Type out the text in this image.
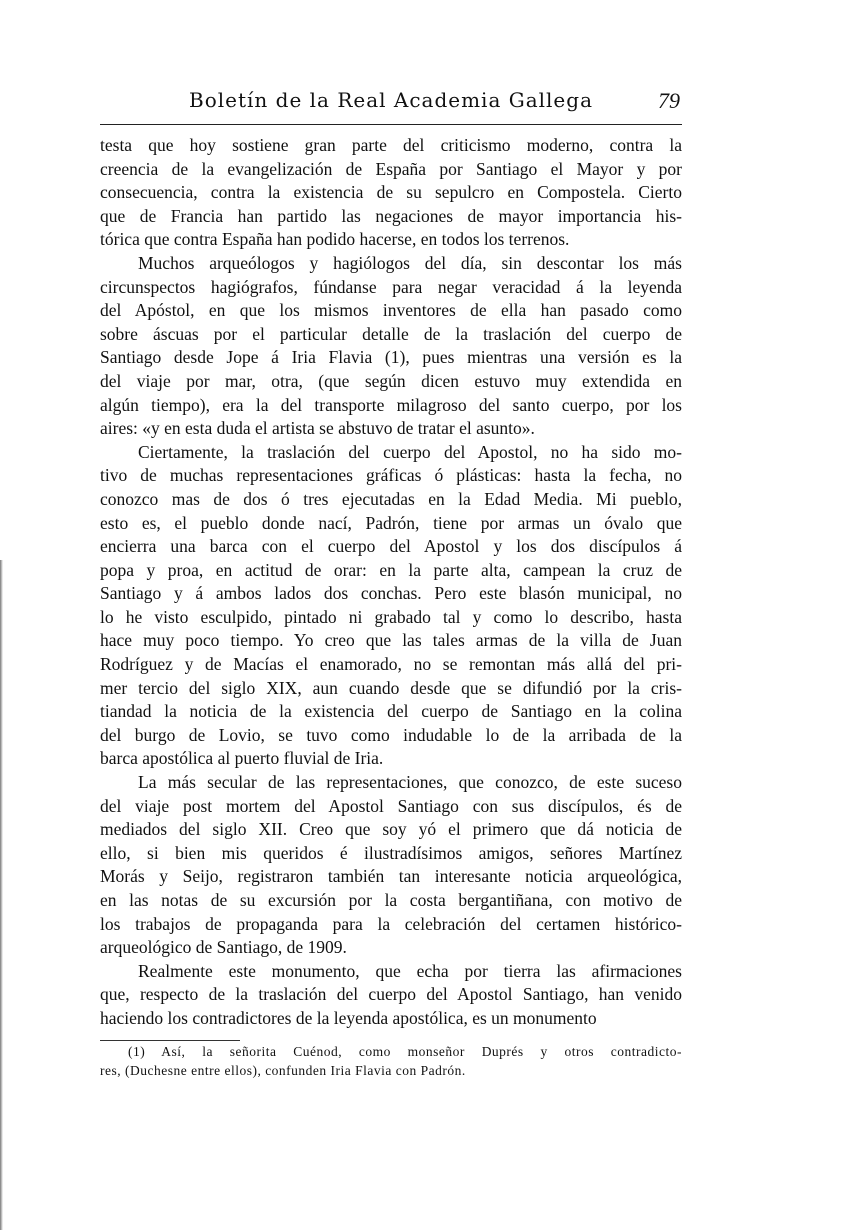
Boletín de la Real Academia Gallega	79
testa que hoy sostiene gran parte del criticismo moderno, contra la
creencia de la evangelización de España por Santiago el Mayor y por
consecuencia, contra la existencia de su sepulcro en Compostela. Cierto
que de Francia han partido las negaciones de mayor importancia his-
tórica que contra España han podido hacerse, en todos los terrenos.
Muchos arqueólogos y hagiólogos del día, sin descontar los más
circunspectos hagiógrafos, fúndanse para negar veracidad á la leyenda
del Apóstol, en que los mismos inventores de ella han pasado como
sobre áscuas por el particular detalle de la traslación del cuerpo de
Santiago desde Jope á Iria Flavia (1), pues mientras una versión es la
del viaje por mar, otra, (que según dicen estuvo muy extendida en
algún tiempo), era la del transporte milagroso del santo cuerpo, por los
aires: «y en esta duda el artista se abstuvo de tratar el asunto».
Ciertamente, la traslación del cuerpo del Apostol, no ha sido mo-
tivo de muchas representaciones gráficas ó plásticas: hasta la fecha, no
conozco mas de dos ó tres ejecutadas en la Edad Media. Mi pueblo,
esto es, el pueblo donde nací, Padrón, tiene por armas un óvalo que
encierra una barca con el cuerpo del Apostol y los dos discípulos á
popa y proa, en actitud de orar: en la parte alta, campean la cruz de
Santiago y á ambos lados dos conchas. Pero este blasón municipal, no
lo he visto esculpido, pintado ni grabado tal y como lo describo, hasta
hace muy poco tiempo. Yo creo que las tales armas de la villa de Juan
Rodríguez y de Macías el enamorado, no se remontan más allá del pri-
mer tercio del siglo XIX, aun cuando desde que se difundió por la cris-
tiandad la noticia de la existencia del cuerpo de Santiago en la colina
del burgo de Lovio, se tuvo como indudable lo de la arribada de la
barca apostólica al puerto fluvial de Iria.
La más secular de las representaciones, que conozco, de este suceso
del viaje post mortem del Apostol Santiago con sus discípulos, és de
mediados del siglo XII. Creo que soy yó el primero que dá noticia de
ello, si bien mis queridos é ilustradísimos amigos, señores Martínez
Morás y Seijo, registraron también tan interesante noticia arqueológica,
en las notas de su excursión por la costa bergantiñana, con motivo de
los trabajos de propaganda para la celebración del certamen histórico-
arqueológico de Santiago, de 1909.
Realmente este monumento, que echa por tierra las afirmaciones
que, respecto de la traslación del cuerpo del Apostol Santiago, han venido
haciendo los contradictores de la leyenda apostólica, es un monumento
(1) Así, la señorita Cuénod, como monseñor Duprés y otros contradicto-
res, (Duchesne entre ellos), confunden Iria Flavia con Padrón.
